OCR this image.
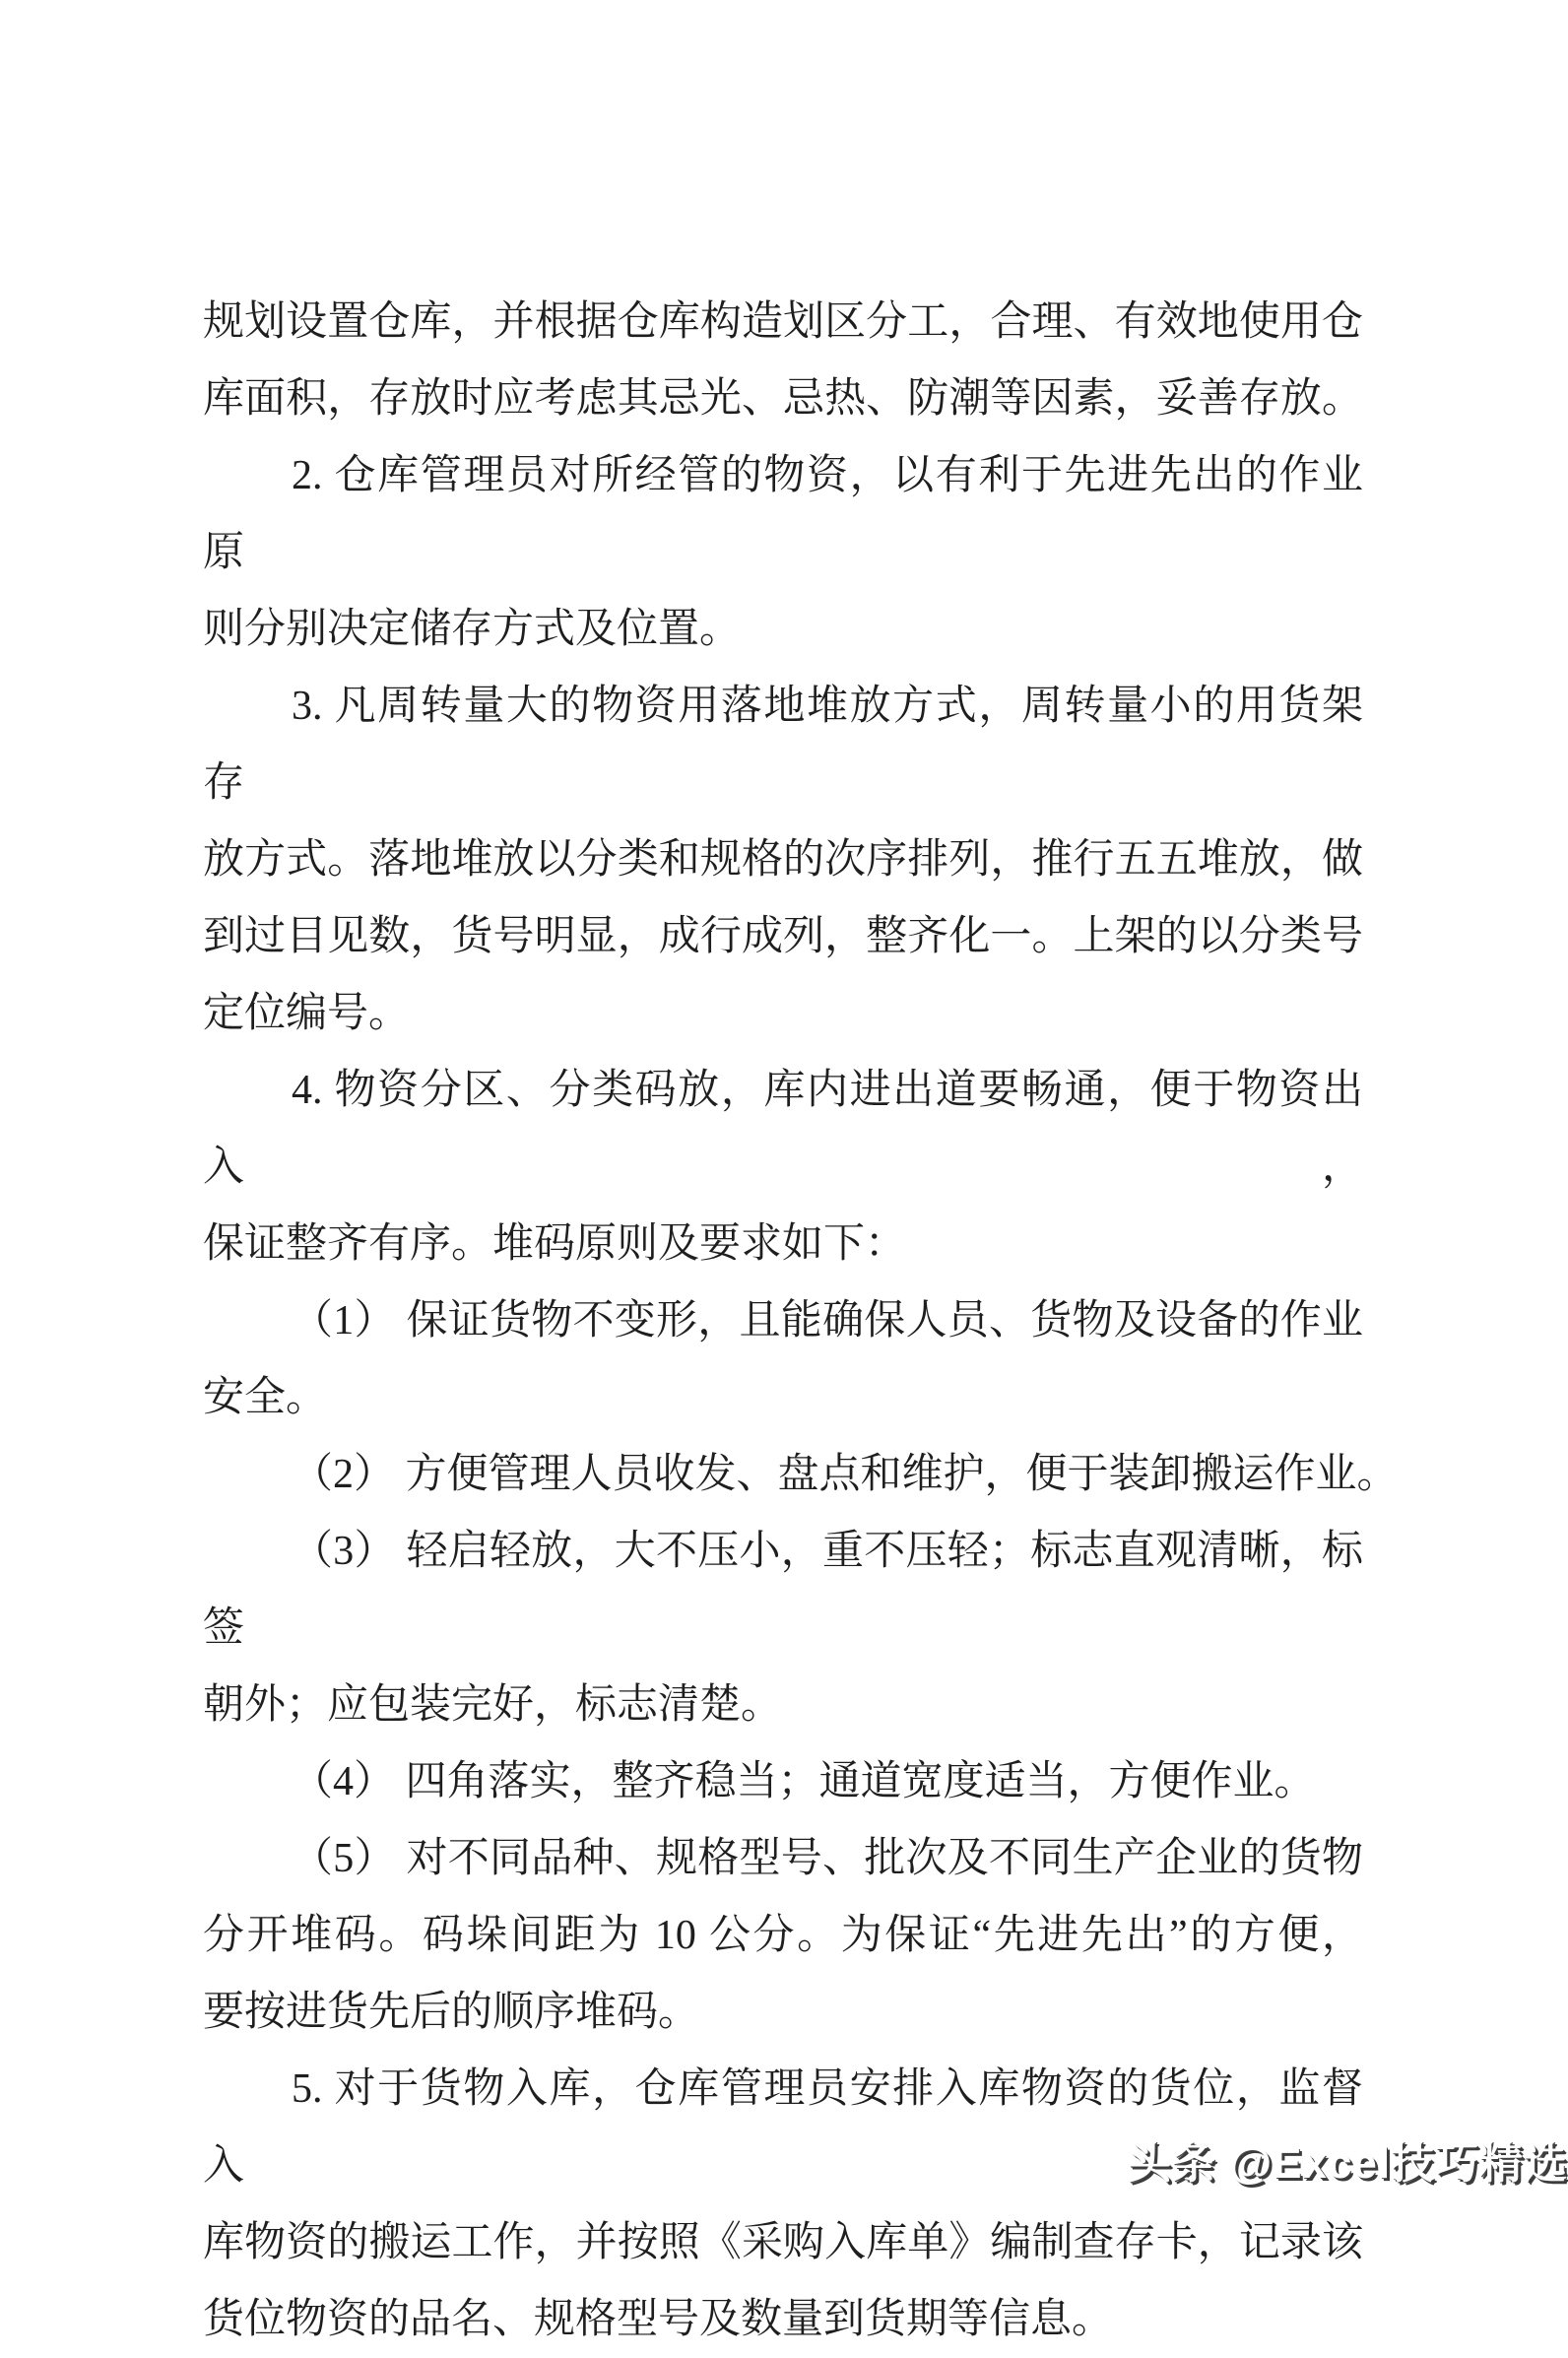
规划设置仓库，并根据仓库构造划区分工，合理、有效地使用仓
库面积，存放时应考虑其忌光、忌热、防潮等因素，妥善存放。
2. 仓库管理员对所经管的物资，以有利于先进先出的作业原
则分别决定储存方式及位置。
3. 凡周转量大的物资用落地堆放方式，周转量小的用货架存
放方式。落地堆放以分类和规格的次序排列，推行五五堆放，做
到过目见数，货号明显，成行成列，整齐化一。上架的以分类号
定位编号。
4. 物资分区、分类码放，库内进出道要畅通，便于物资出入，
保证整齐有序。堆码原则及要求如下：
（1） 保证货物不变形，且能确保人员、货物及设备的作业
安全。
（2） 方便管理人员收发、盘点和维护，便于装卸搬运作业。
（3） 轻启轻放，大不压小，重不压轻；标志直观清晰，标签
朝外；应包装完好，标志清楚。
（4） 四角落实，整齐稳当；通道宽度适当，方便作业。
（5） 对不同品种、规格型号、批次及不同生产企业的货物
分开堆码。码垛间距为 10 公分。为保证“先进先出”的方便，
要按进货先后的顺序堆码。
5. 对于货物入库，仓库管理员安排入库物资的货位，监督入
库物资的搬运工作，并按照《采购入库单》编制查存卡，记录该
货位物资的品名、规格型号及数量到货期等信息。
头条 @Excel技巧精选
